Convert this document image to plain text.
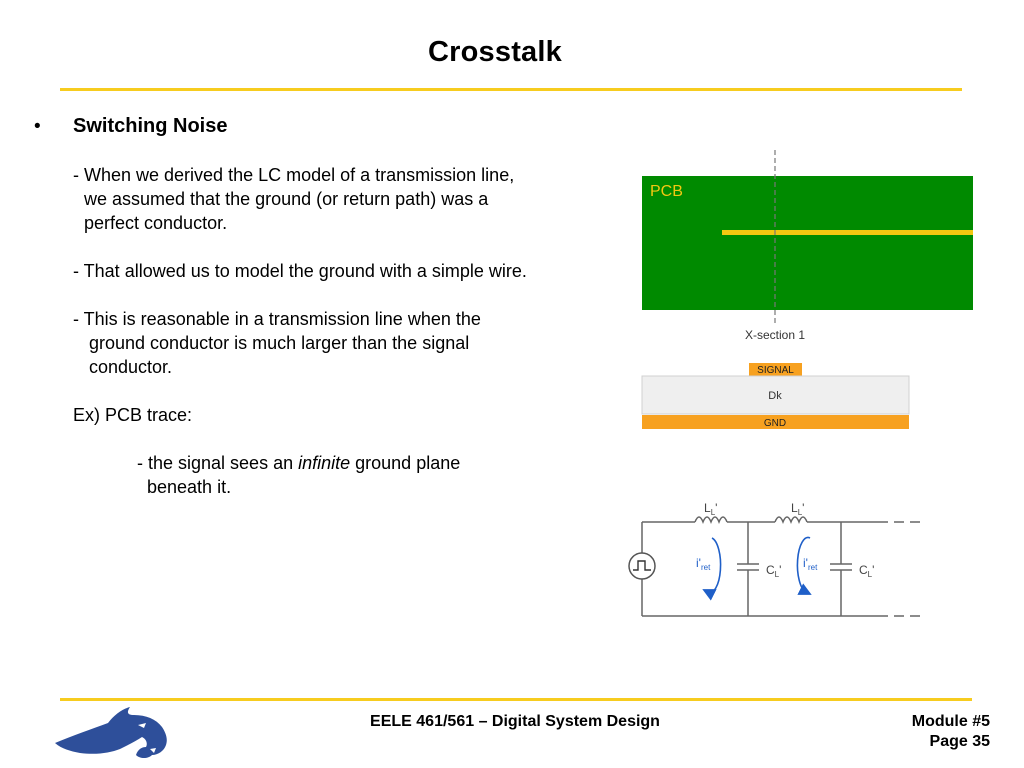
Crosstalk
• Switching Noise
- When we derived the LC model of a transmission line,
we assumed that the ground (or return path) was a
perfect conductor.
- That allowed us to model the ground with a simple wire.
- This is reasonable in a transmission line when the
ground conductor is much larger than the signal
conductor.
Ex) PCB trace:
- the signal sees an infinite ground plane
beneath it.
PCB
X-section 1
SIGNAL
Dk
GND
$L_L'$	$L_L'$
$C_L'$	$C_L'$
$i'_{ret}$	$i'_{ret}$
EELE 461/561 – Digital System Design	Module #5
Page 35
